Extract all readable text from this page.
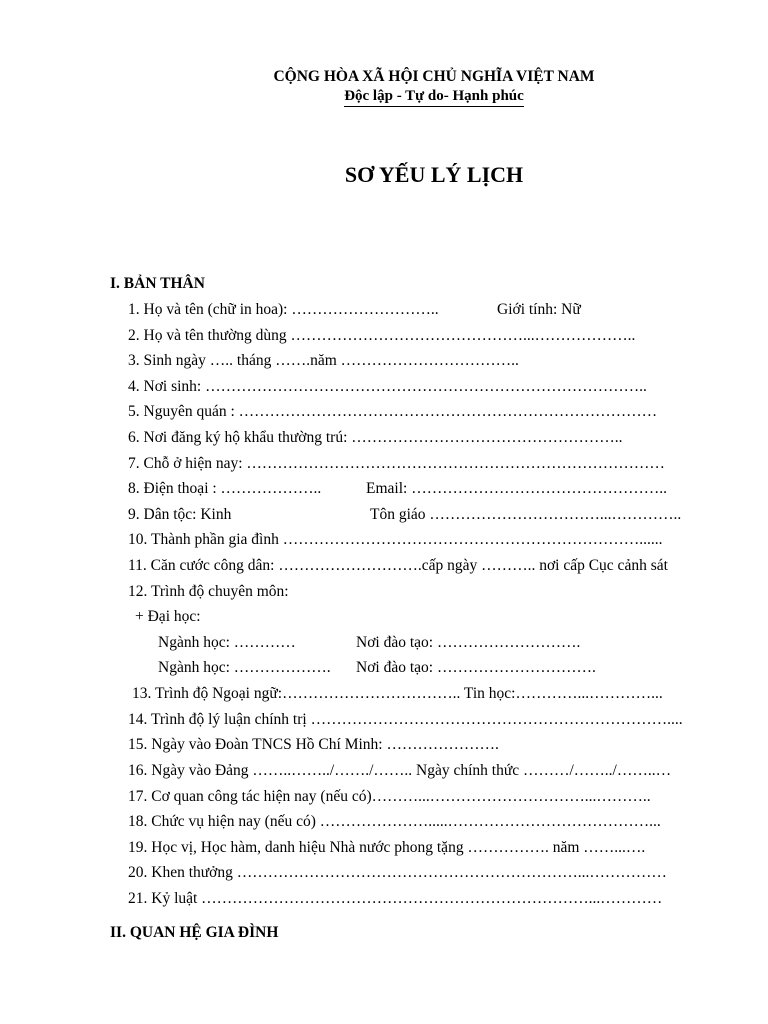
CỘNG HÒA XÃ HỘI CHỦ NGHĨA VIỆT NAM
Độc lập - Tự do- Hạnh phúc
SƠ YẾU LÝ LỊCH
I. BẢN THÂN
1. Họ và tên (chữ in hoa): ………………………..	Giới tính: Nữ
2. Họ và tên thường dùng ………………………………………...………………..
3. Sinh ngày ….. tháng …….năm ……………………………..
4. Nơi sinh: …………………………………………………………………………..
5. Nguyên quán : ………………………………………………………………………
6. Nơi đăng ký hộ khẩu thường trú: ……………………………………………..
7. Chỗ ở hiện nay: ………………………………………………………………………
8. Điện thoại : ………………..	Email: …………………………………………..
9. Dân tộc: Kinh	Tôn giáo ……………………………...…………..
10. Thành phần gia đình ……………………………………………………………......
11. Căn cước công dân: ……………………….cấp ngày ……….. nơi cấp Cục cảnh sát
12. Trình độ chuyên môn:
+ Đại học:
Ngành học: …………	Nơi đào tạo: ……………………….
Ngành học: ………………. Nơi đào tạo: ………………………….
13. Trình độ Ngoại ngữ:…………………………….. Tin học:…………...…………...
14. Trình độ lý luận chính trị ……………………………………………………………....
15. Ngày vào Đoàn TNCS Hồ Chí Minh: ………………….
16. Ngày vào Đảng ……..……../……./…….. Ngày chính thức ………/……../……..…
17. Cơ quan công tác hiện nay (nếu có)………...…………………………...………..
18. Chức vụ hiện nay (nếu có) ………………….....…………………………………...
19. Học vị, Học hàm, danh hiệu Nhà nước phong tặng ……………. năm ……...….
20. Khen thưởng …………………………………………………………...……………
21. Kỷ luật …………………………………………………………………...…………
II. QUAN HỆ GIA ĐÌNH
